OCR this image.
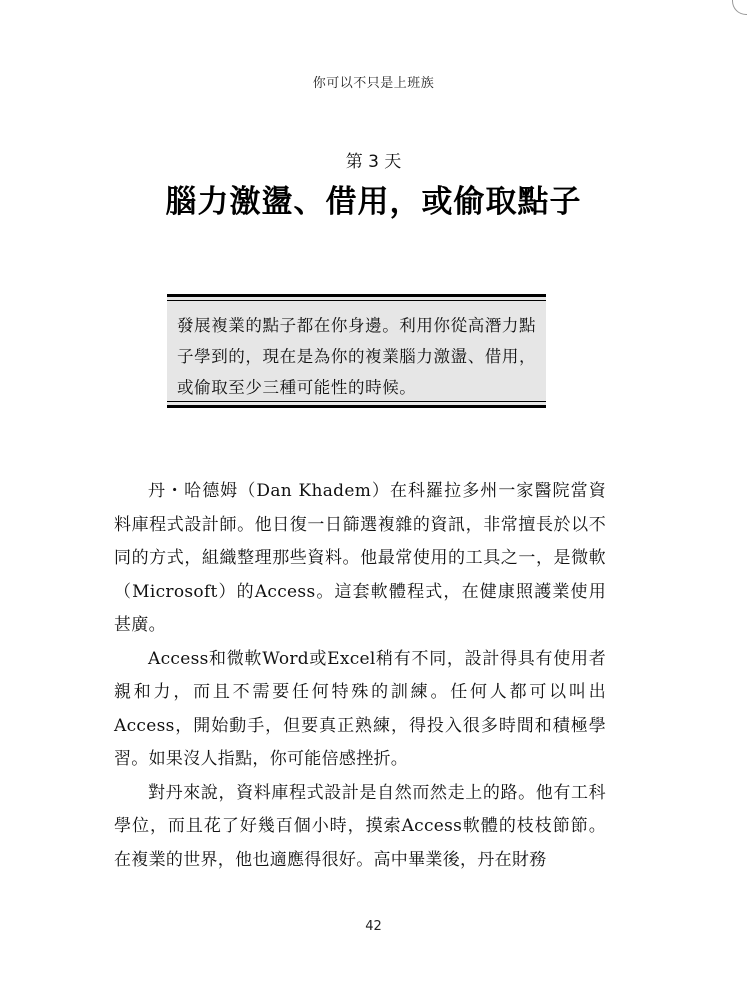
你可以不只是上班族
第 3 天
腦力激盪、借用，或偷取點子
發展複業的點子都在你身邊。利用你從高潛力點子學到的，現在是為你的複業腦力激盪、借用，或偷取至少三種可能性的時候。

丹・哈德姆（Dan Khadem）在科羅拉多州一家醫院當資料庫程式設計師。他日復一日篩選複雜的資訊，非常擅長於以不同的方式，組織整理那些資料。他最常使用的工具之一，是微軟（Microsoft）的Access。這套軟體程式，在健康照護業使用甚廣。

Access和微軟Word或Excel稍有不同，設計得具有使用者親和力，而且不需要任何特殊的訓練。任何人都可以叫出Access，開始動手，但要真正熟練，得投入很多時間和積極學習。如果沒人指點，你可能倍感挫折。

對丹來說，資料庫程式設計是自然而然走上的路。他有工科學位，而且花了好幾百個小時，摸索Access軟體的枝枝節節。在複業的世界，他也適應得很好。高中畢業後，丹在財務

42
